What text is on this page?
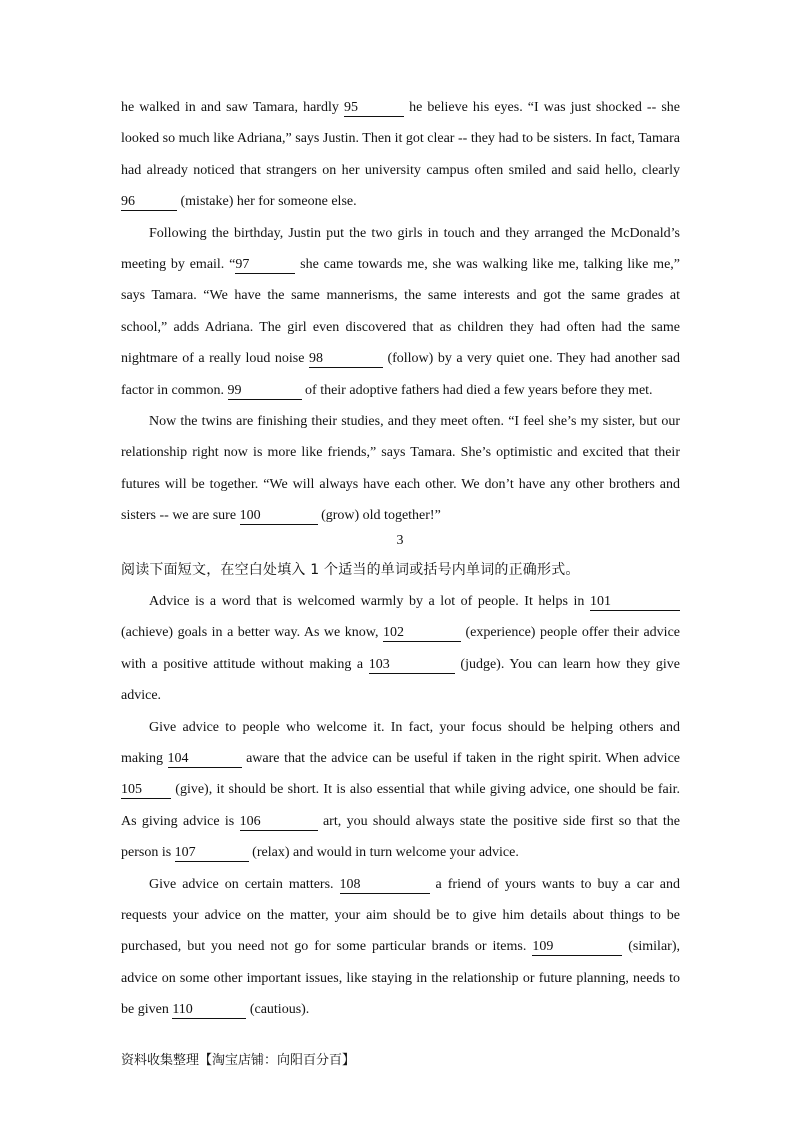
he walked in and saw Tamara, hardly 95	he believe his eyes. “I was just shocked -- she looked so much like Adriana,” says Justin. Then it got clear -- they had to be sisters. In fact, Tamara had already noticed that strangers on her university campus often smiled and said hello, clearly 96	(mistake) her for someone else.

Following the birthday, Justin put the two girls in touch and they arranged the McDonald’s meeting by email. “97	she came towards me, she was walking like me, talking like me,” says Tamara. “We have the same mannerisms, the same interests and got the same grades at school,” adds Adriana. The girl even discovered that as children they had often had the same nightmare of a really loud noise 98	(follow) by a very quiet one. They had another sad factor in common. 99	of their adoptive fathers had died a few years before they met.

Now the twins are finishing their studies, and they meet often. “I feel she’s my sister, but our relationship right now is more like friends,” says Tamara. She’s optimistic and excited that their futures will be together. “We will always have each other. We don’t have any other brothers and sisters -- we are sure 100	(grow) old together!”

3
阅读下面短文，在空白处填入 1 个适当的单词或括号内单词的正确形式。

Advice is a word that is welcomed warmly by a lot of people. It helps in 101 (achieve) goals in a better way. As we know, 102	(experience) people offer their advice with a positive attitude without making a 103	(judge). You can learn how they give advice.

Give advice to people who welcome it. In fact, your focus should be helping others and making 104	aware that the advice can be useful if taken in the right spirit. When advice 105 (give), it should be short. It is also essential that while giving advice, one should be fair. As giving advice is 106	art, you should always state the positive side first so that the person is 107	(relax) and would in turn welcome your advice.

Give advice on certain matters. 108	a friend of yours wants to buy a car and requests your advice on the matter, your aim should be to give him details about things to be purchased, but you need not go for some particular brands or items. 109	(similar), advice on some other important issues, like staying in the relationship or future planning, needs to be given 110	(cautious).

资料收集整理【淘宝店铺：向阳百分百】
